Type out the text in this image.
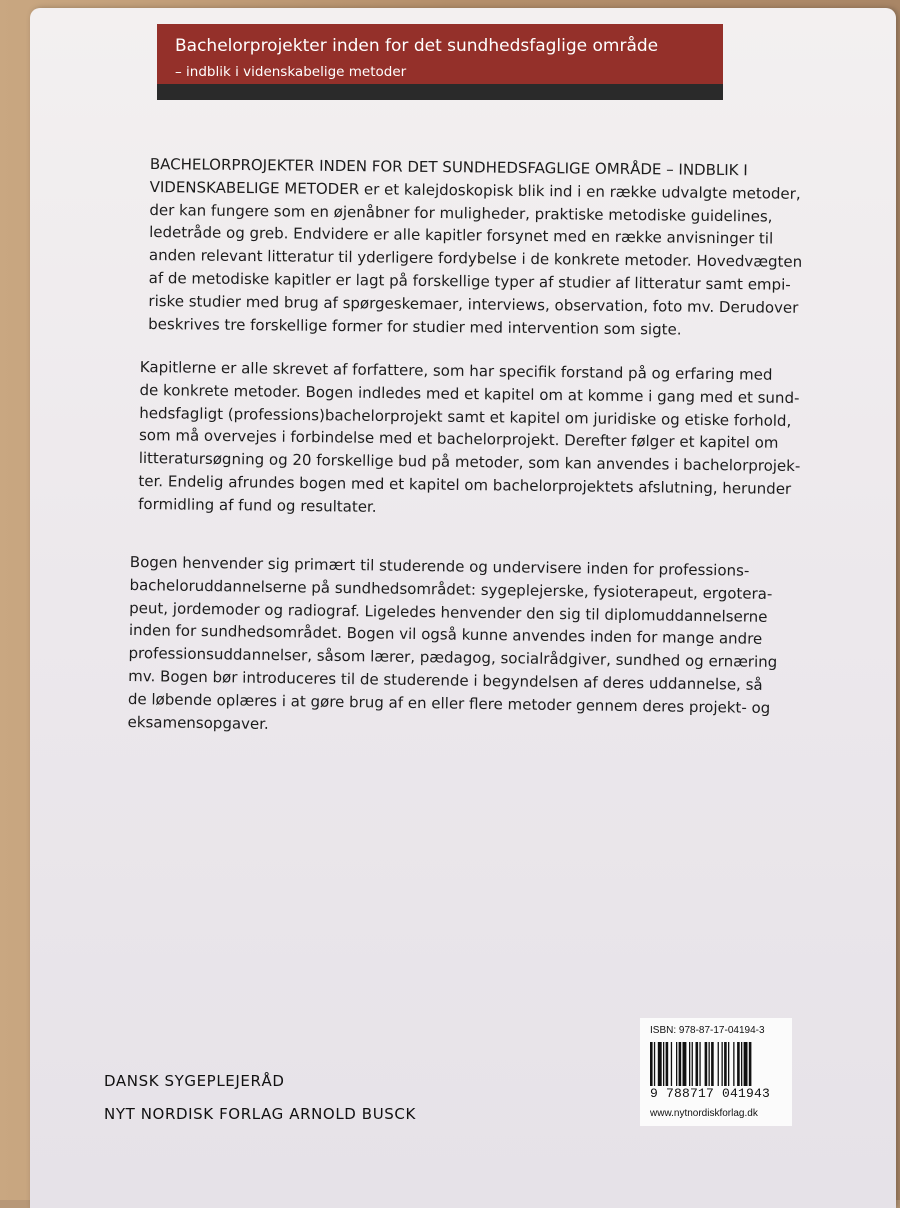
Bachelorprojekter inden for det sundhedsfaglige område
– indblik i videnskabelige metoder
BACHELORPROJEKTER INDEN FOR DET SUNDHEDSFAGLIGE OMRÅDE – INDBLIK I
VIDENSKABELIGE METODER er et kalejdoskopisk blik ind i en række udvalgte metoder,
der kan fungere som en øjenåbner for muligheder, praktiske metodiske guidelines,
ledetråde og greb. Endvidere er alle kapitler forsynet med en række anvisninger til
anden relevant litteratur til yderligere fordybelse i de konkrete metoder. Hovedvægten
af de metodiske kapitler er lagt på forskellige typer af studier af litteratur samt empi-
riske studier med brug af spørgeskemaer, interviews, observation, foto mv. Derudover
beskrives tre forskellige former for studier med intervention som sigte.
Kapitlerne er alle skrevet af forfattere, som har specifik forstand på og erfaring med
de konkrete metoder. Bogen indledes med et kapitel om at komme i gang med et sund-
hedsfagligt (professions)bachelorprojekt samt et kapitel om juridiske og etiske forhold,
som må overvejes i forbindelse med et bachelorprojekt. Derefter følger et kapitel om
litteratursøgning og 20 forskellige bud på metoder, som kan anvendes i bachelorprojek-
ter. Endelig afrundes bogen med et kapitel om bachelorprojektets afslutning, herunder
formidling af fund og resultater.
Bogen henvender sig primært til studerende og undervisere inden for professions-
bacheloruddannelserne på sundhedsområdet: sygeplejerske, fysioterapeut, ergotera-
peut, jordemoder og radiograf. Ligeledes henvender den sig til diplomuddannelserne
inden for sundhedsområdet. Bogen vil også kunne anvendes inden for mange andre
professionsuddannelser, såsom lærer, pædagog, socialrådgiver, sundhed og ernæring
mv. Bogen bør introduceres til de studerende i begyndelsen af deres uddannelse, så
de løbende oplæres i at gøre brug af en eller flere metoder gennem deres projekt- og
eksamensopgaver.
DANSK SYGEPLEJERÅD
NYT NORDISK FORLAG ARNOLD BUSCK
ISBN: 978-87-17-04194-3
9 788717 041943
www.nytnordiskforlag.dk
